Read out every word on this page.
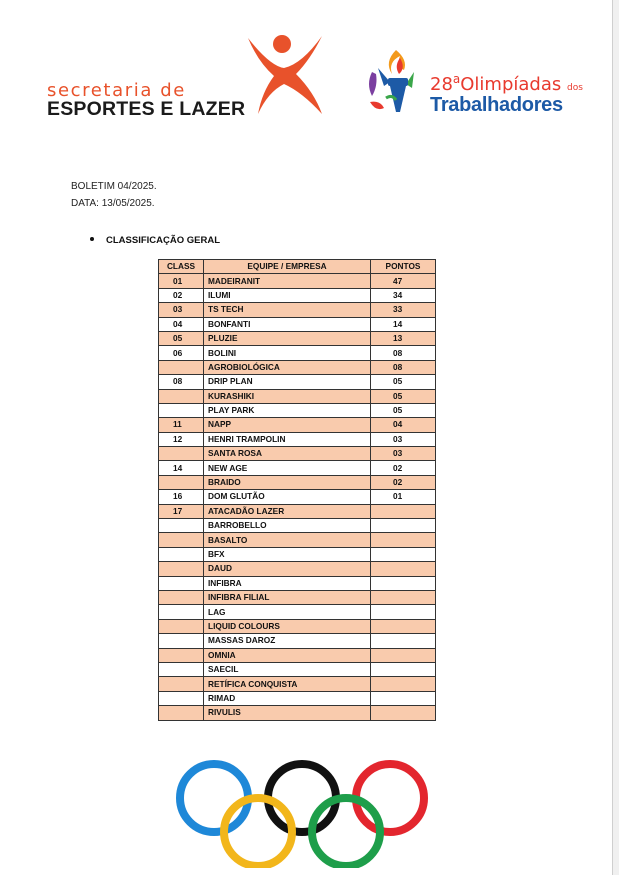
secretaria de
ESPORTES E LAZER
28$^a$Olimpíadas dos
Trabalhadores
BOLETIM 04/2025.
DATA: 13/05/2025.
CLASSIFICAÇÃO GERAL
CLASS	EQUIPE / EMPRESA	PONTOS
01	MADEIRANIT	47
02	ILUMI	34
03	TS TECH	33
04	BONFANTI	14
05	PLUZIE	13
06	BOLINI	08
	AGROBIOLÓGICA	08
08	DRIP PLAN	05
	KURASHIKI	05
	PLAY PARK	05
11	NAPP	04
12	HENRI TRAMPOLIN	03
	SANTA ROSA	03
14	NEW AGE	02
	BRAIDO	02
16	DOM GLUTÃO	01
17	ATACADÃO LAZER	
	BARROBELLO	
	BASALTO	
	BFX	
	DAUD	
	INFIBRA	
	INFIBRA FILIAL	
	LAG	
	LIQUID COLOURS	
	MASSAS DAROZ	
	OMNIA	
	SAECIL	
	RETÍFICA CONQUISTA	
	RIMAD	
	RIVULIS	
